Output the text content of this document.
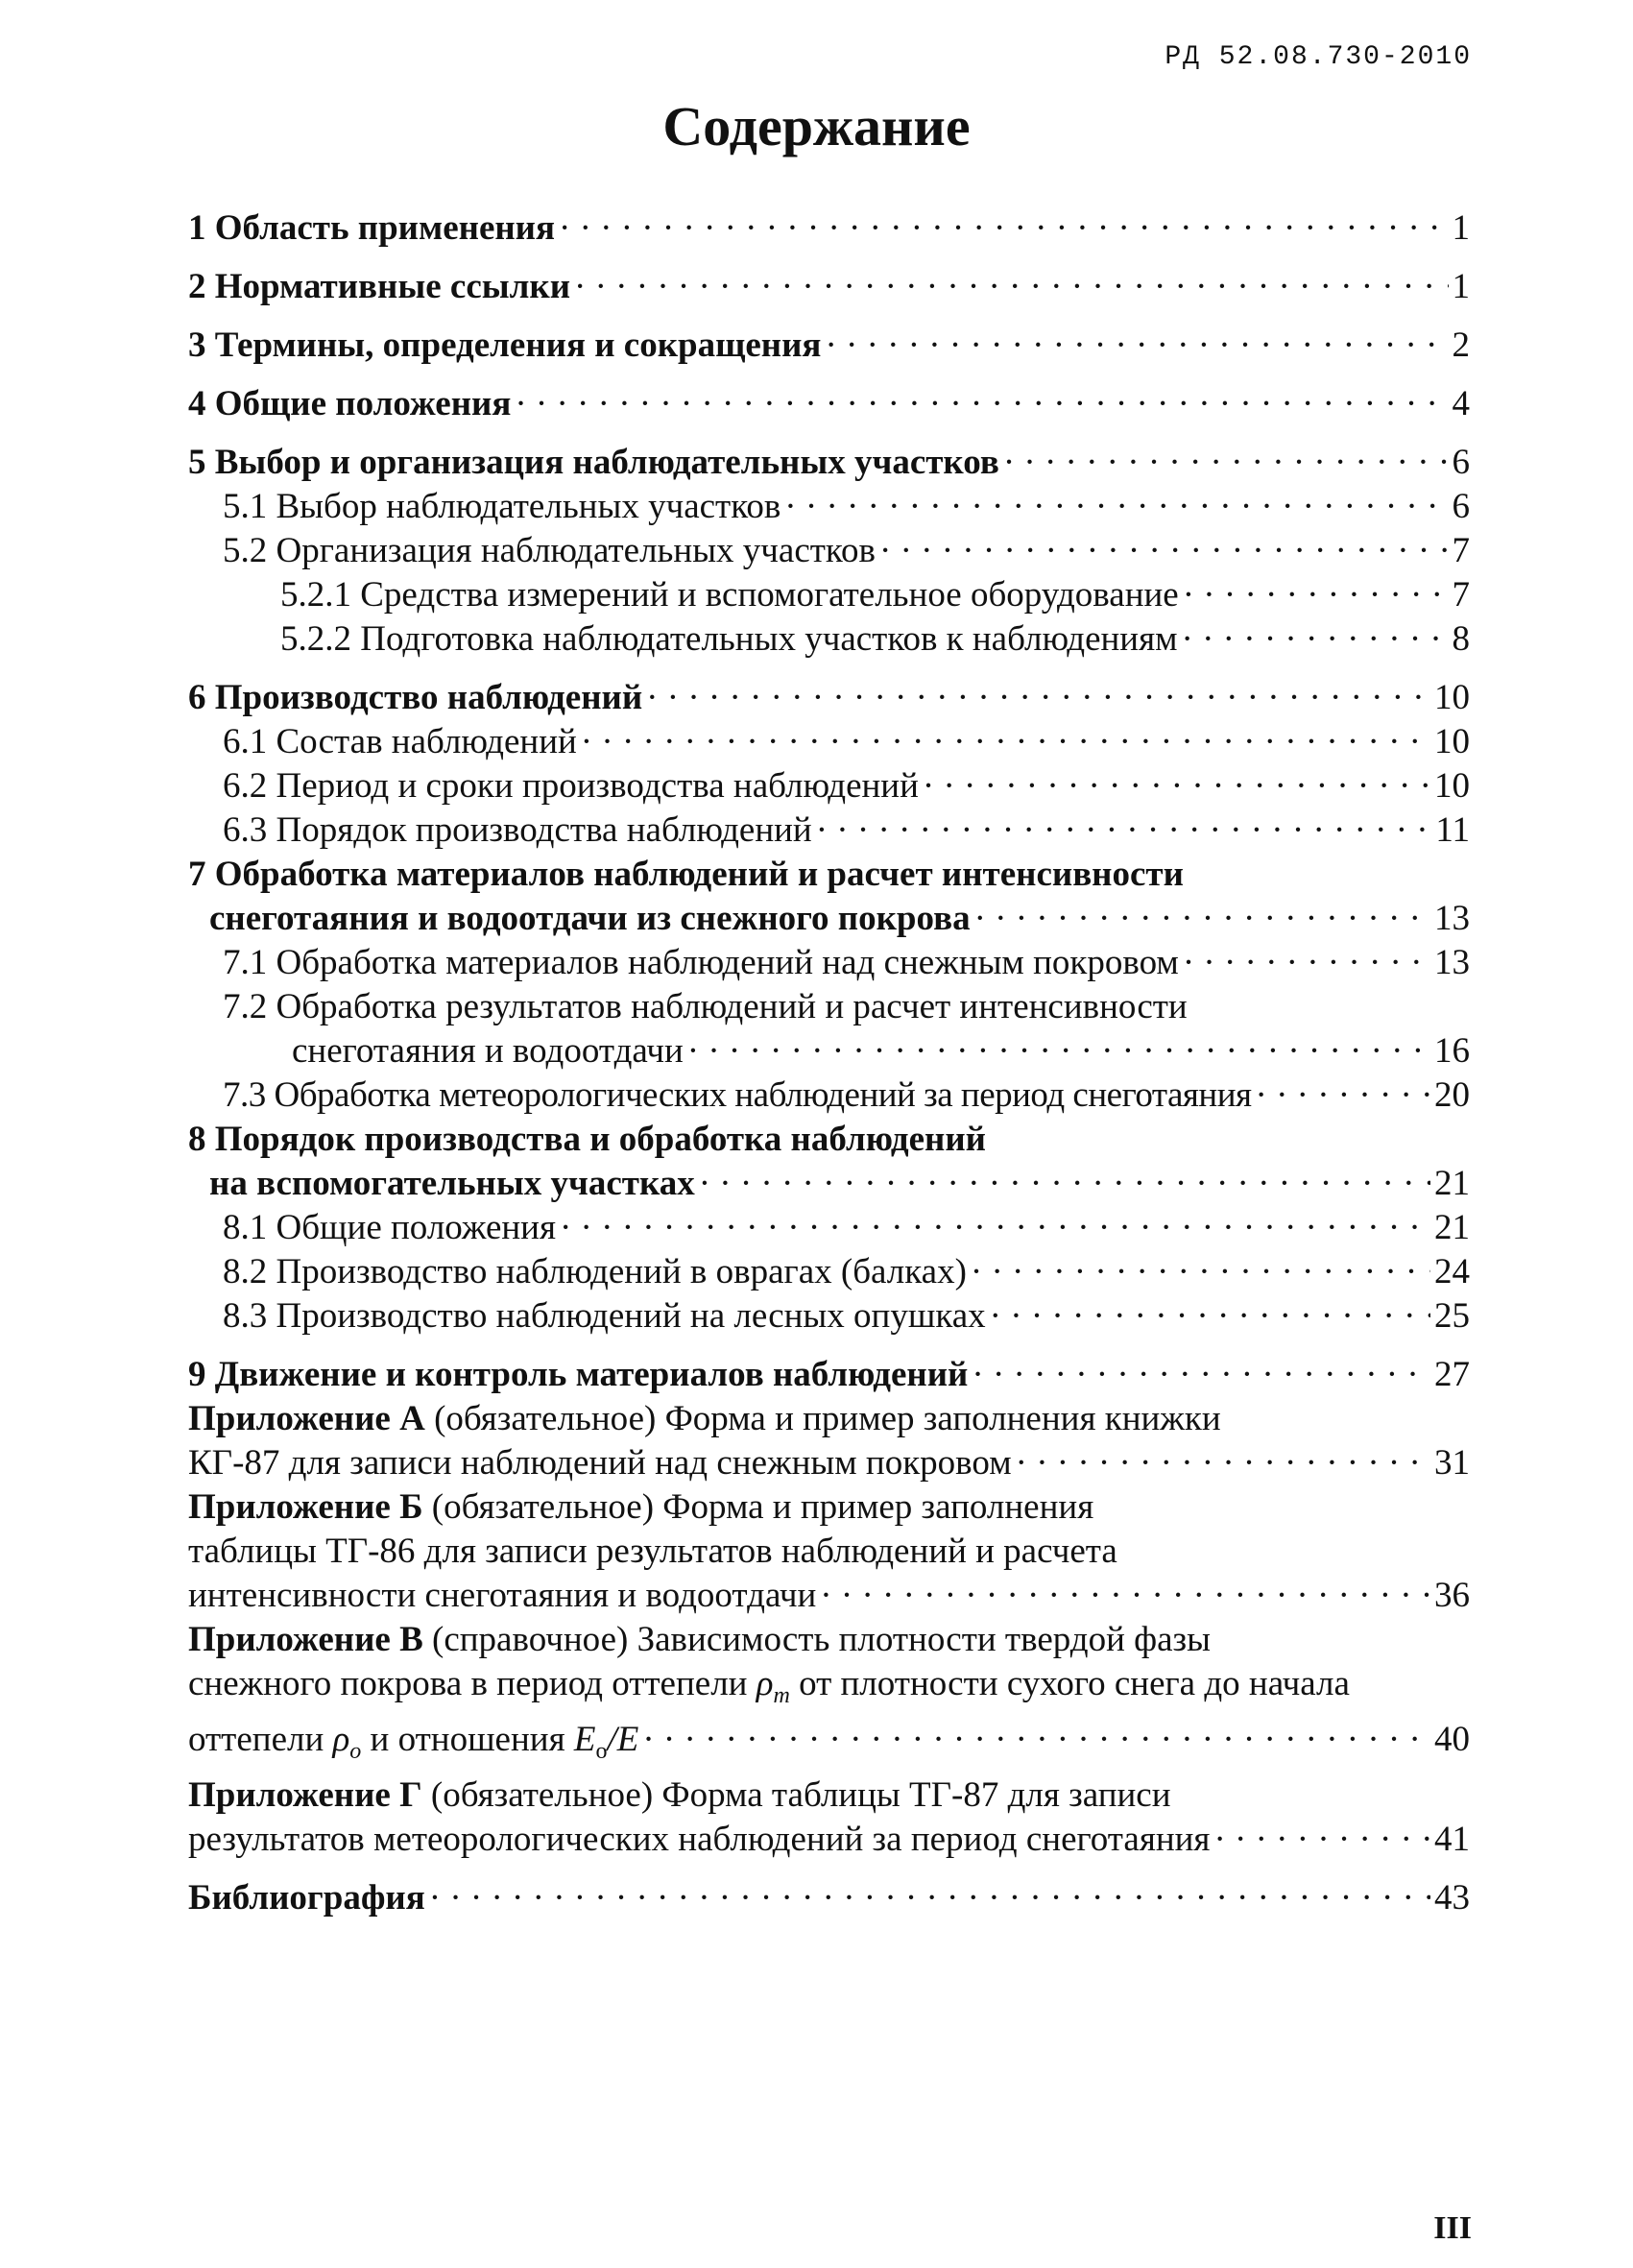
РД 52.08.730-2010
Содержание
1 Область применения · · ·	1
2 Нормативные ссылки · · ·	1
3 Термины, определения и сокращения · · ·	2
4 Общие положения · · ·	4
5 Выбор и организация наблюдательных участков · · ·	6
5.1 Выбор наблюдательных участков · · ·	6
5.2 Организация наблюдательных участков · · ·	7
5.2.1 Средства измерений и вспомогательное оборудование · · ·	7
5.2.2 Подготовка наблюдательных участков к наблюдениям · · ·	8
6 Производство наблюдений · · ·	10
6.1 Состав наблюдений · · ·	10
6.2 Период и сроки производства наблюдений · · ·	10
6.3 Порядок производства наблюдений · · ·	11
7 Обработка материалов наблюдений и расчет интенсивности
снеготаяния и водоотдачи из снежного покрова · · ·	13
7.1 Обработка материалов наблюдений над снежным покровом · · ·	13
7.2 Обработка результатов наблюдений и расчет интенсивности
снеготаяния и водоотдачи · · ·	16
7.3 Обработка метеорологических наблюдений за период снеготаяния · · ·	20
8 Порядок производства и обработка наблюдений
на вспомогательных участках · · ·	21
8.1 Общие положения · · ·	21
8.2 Производство наблюдений в оврагах (балках) · · ·	24
8.3 Производство наблюдений на лесных опушках · · ·	25
9 Движение и контроль материалов наблюдений · · ·	27
Приложение А (обязательное) Форма и пример заполнения книжки
КГ-87 для записи наблюдений над снежным покровом · · ·	31
Приложение Б (обязательное) Форма и пример заполнения
таблицы ТГ-86 для записи результатов наблюдений и расчета
интенсивности снеготаяния и водоотдачи · · ·	36
Приложение В (справочное) Зависимость плотности твердой фазы
снежного покрова в период оттепели $\rho_m$ от плотности сухого снега до начала
оттепели $\rho_o$ и отношения $E_o/E$ · · ·	40
Приложение Г (обязательное) Форма таблицы ТГ-87 для записи
результатов метеорологических наблюдений за период снеготаяния · · ·	41
Библиография · · ·	43
III
